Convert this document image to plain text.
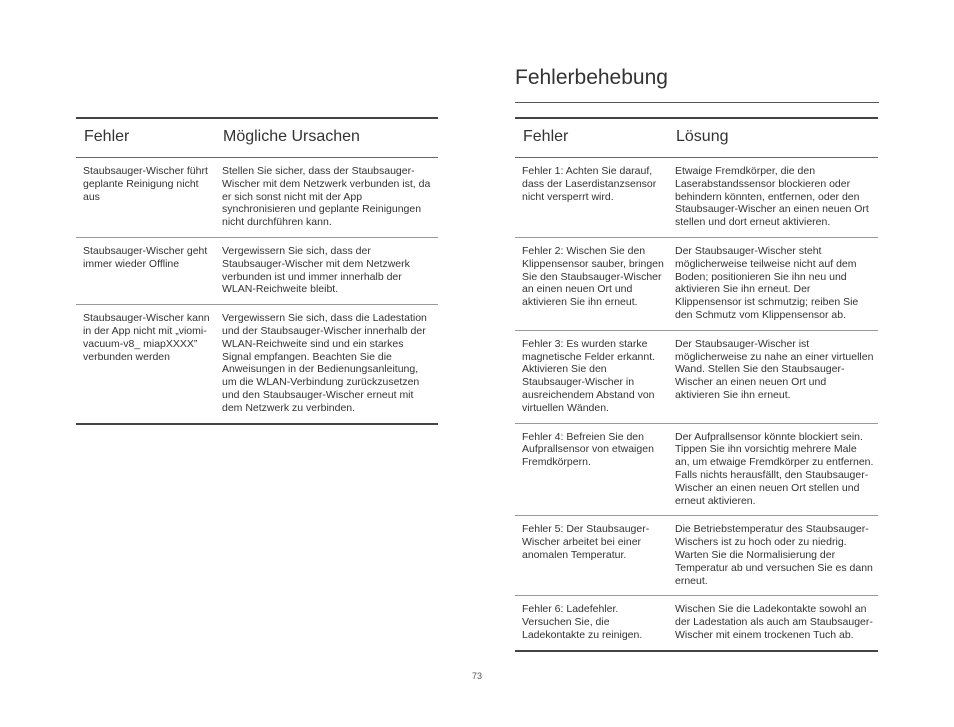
Fehlerbehebung
Fehler	Mögliche Ursachen
Staubsauger-Wischer führt geplante Reinigung nicht aus	Stellen Sie sicher, dass der Staubsauger-Wischer mit dem Netzwerk verbunden ist, da er sich sonst nicht mit der App synchronisieren und geplante Reinigungen nicht durchführen kann.
Staubsauger-Wischer geht immer wieder Offline	Vergewissern Sie sich, dass der Staubsauger-Wischer mit dem Netzwerk verbunden ist und immer innerhalb der WLAN-Reichweite bleibt.
Staubsauger-Wischer kann in der App nicht mit „viomi-vacuum-v8_ miapXXXX” verbunden werden	Vergewissern Sie sich, dass die Ladestation und der Staubsauger-Wischer innerhalb der WLAN-Reichweite sind und ein starkes Signal empfangen. Beachten Sie die Anweisungen in der Bedienungsanleitung, um die WLAN-Verbindung zurückzusetzen und den Staubsauger-Wischer erneut mit dem Netzwerk zu verbinden.
Fehler	Lösung
Fehler 1: Achten Sie darauf, dass der Laserdistanzsensor nicht versperrt wird.	Etwaige Fremdkörper, die den Laserabstandssensor blockieren oder behindern könnten, entfernen, oder den Staubsauger-Wischer an einen neuen Ort stellen und dort erneut aktivieren.
Fehler 2: Wischen Sie den Klippensensor sauber, bringen Sie den Staubsauger-Wischer an einen neuen Ort und aktivieren Sie ihn erneut.	Der Staubsauger-Wischer steht möglicherweise teilweise nicht auf dem Boden; positionieren Sie ihn neu und aktivieren Sie ihn erneut. Der Klippensensor ist schmutzig; reiben Sie den Schmutz vom Klippensensor ab.
Fehler 3: Es wurden starke magnetische Felder erkannt. Aktivieren Sie den Staubsauger-Wischer in ausreichendem Abstand von virtuellen Wänden.	Der Staubsauger-Wischer ist möglicherweise zu nahe an einer virtuellen Wand. Stellen Sie den Staubsauger-Wischer an einen neuen Ort und aktivieren Sie ihn erneut.
Fehler 4: Befreien Sie den Aufprallsensor von etwaigen Fremdkörpern.	Der Aufprallsensor könnte blockiert sein. Tippen Sie ihn vorsichtig mehrere Male an, um etwaige Fremdkörper zu entfernen. Falls nichts herausfällt, den Staubsauger-Wischer an einen neuen Ort stellen und erneut aktivieren.
Fehler 5: Der Staubsauger-Wischer arbeitet bei einer anomalen Temperatur.	Die Betriebstemperatur des Staubsauger-Wischers ist zu hoch oder zu niedrig. Warten Sie die Normalisierung der Temperatur ab und versuchen Sie es dann erneut.
Fehler 6: Ladefehler. Versuchen Sie, die Ladekontakte zu reinigen.	Wischen Sie die Ladekontakte sowohl an der Ladestation als auch am Staubsauger-Wischer mit einem trockenen Tuch ab.
73
